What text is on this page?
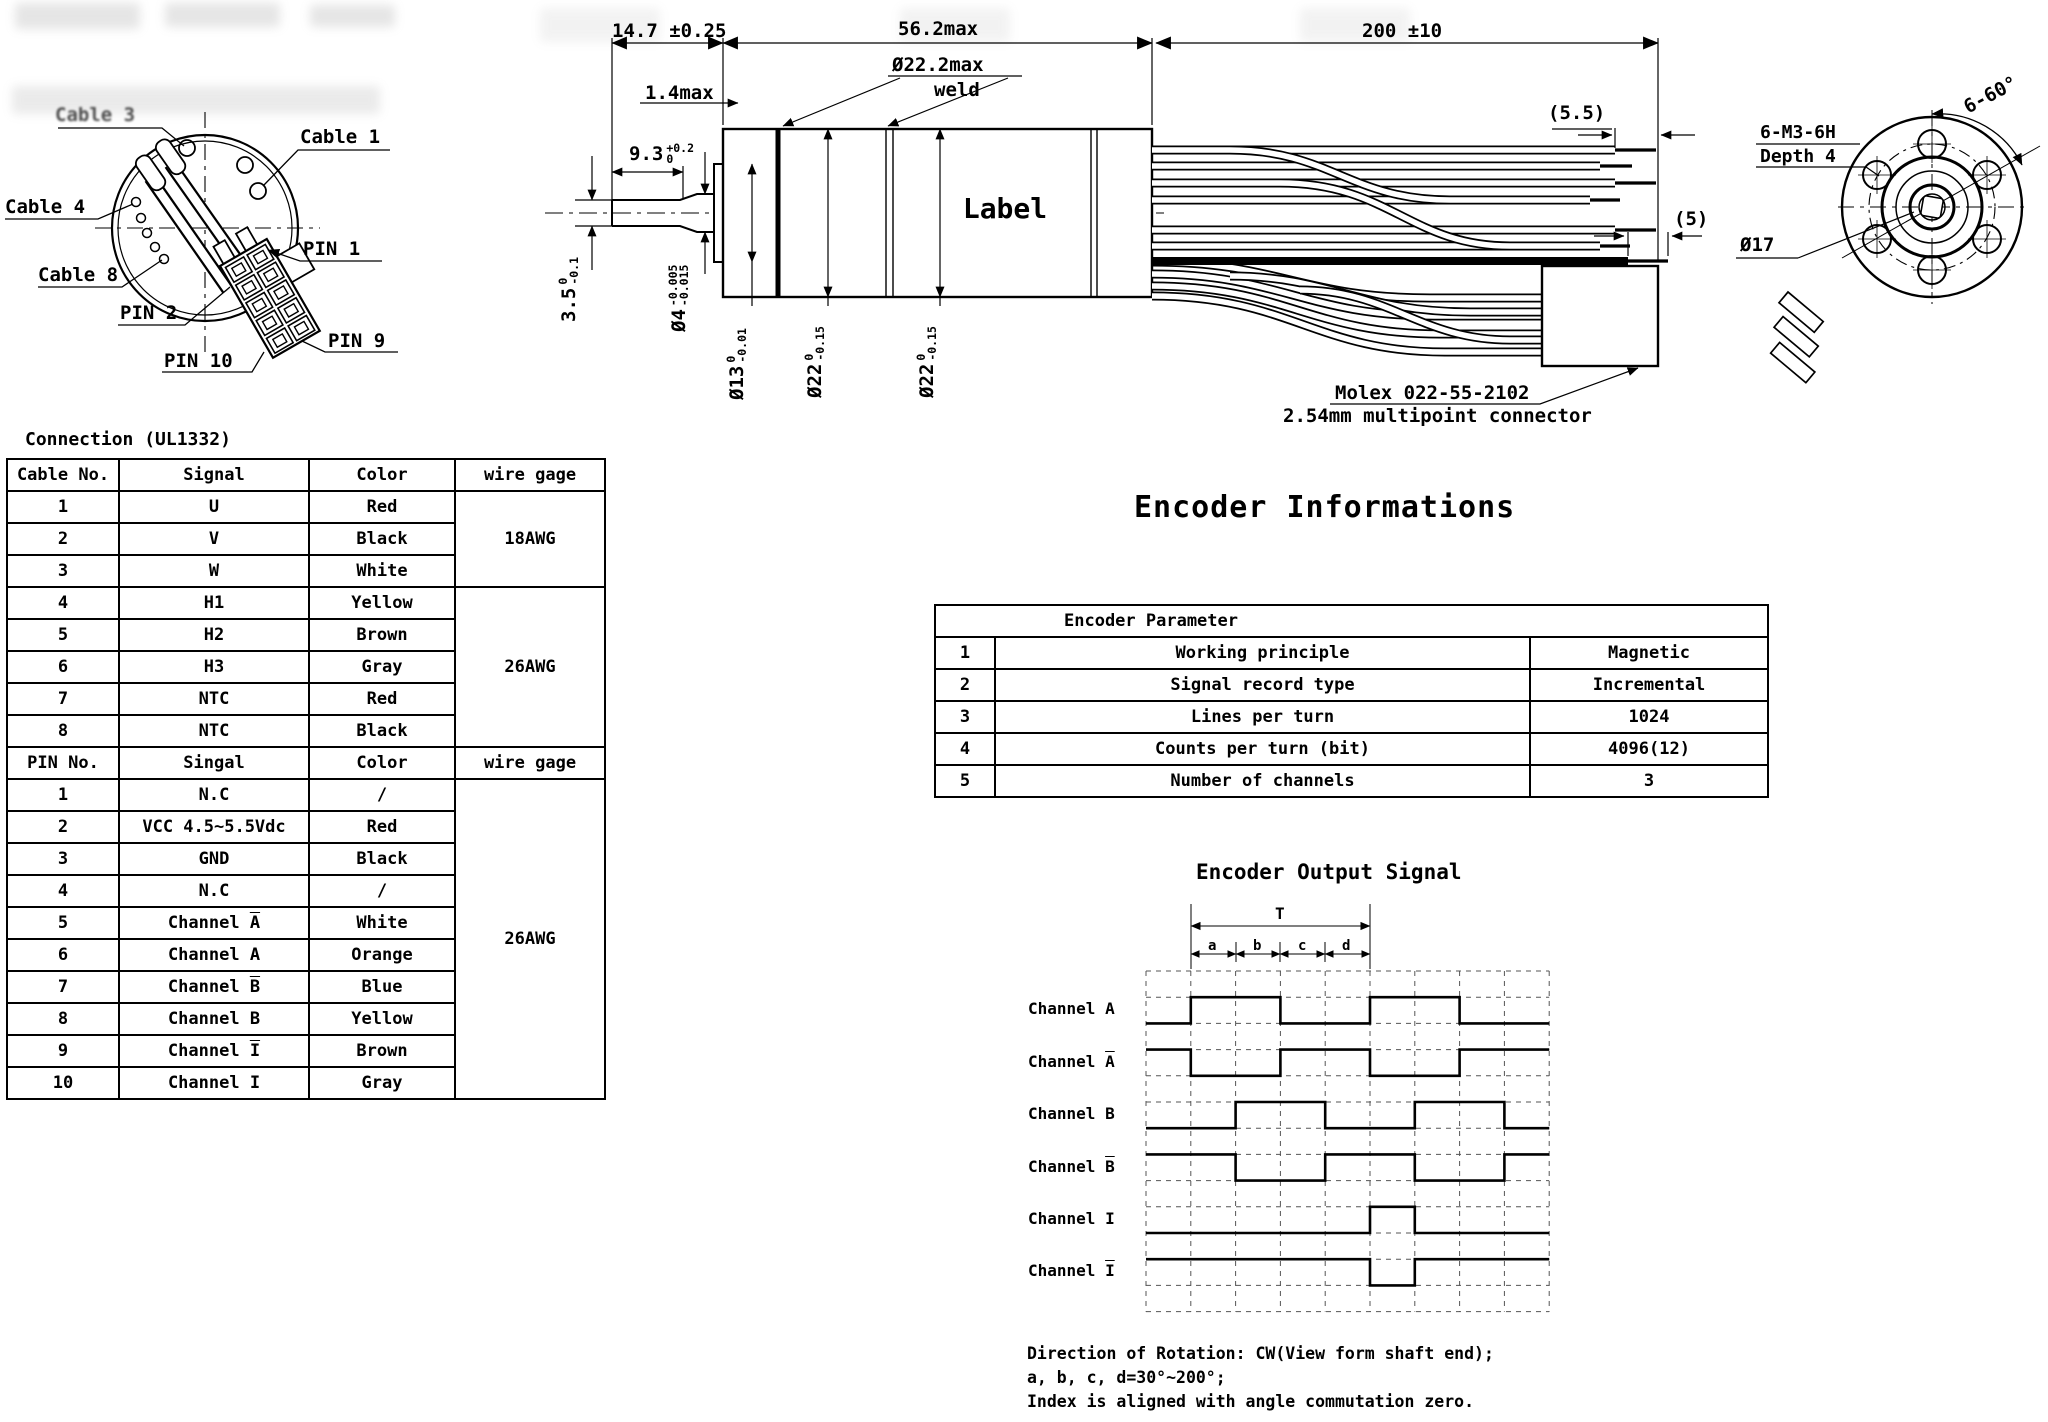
T
a	b	c	d
Cable 3
Cable 1
Cable 4
Cable 8
PIN 1
PIN 2
PIN 10
PIN 9
14.7 ±0.25	56.2max	200 ±10
Ø22.2max
weld
1.4max
9.3 +0.2
0
3.5
0
-0.1
Ø4
-0.005
-0.015
Ø13
0
-0.01
Ø22
0
-0.15
Ø22
0
-0.15
Label
(5.5)
(5)
Molex 022-55-2102
2.54mm multipoint connector
6-M3-6H
Depth 4
6-60°
Ø17
Connection (UL1332)
Cable No.	Signal	Color	wire gage
1	U	Red	18AWG
2	V	Black	
3	W	White	
4	H1	Yellow	26AWG
5	H2	Brown	
6	H3	Gray	
7	NTC	Red	
8	NTC	Black	
PIN No.	Singal	Color	wire gage
1	N.C	/	26AWG
2	VCC 4.5~5.5Vdc	Red	
3	GND	Black	
4	N.C	/	
5	Channel $\overline{A}$	White	
6	Channel A	Orange	
7	Channel $\overline{B}$	Blue	
8	Channel B	Yellow	
9	Channel $\overline{I}$	Brown	
10	Channel I	Gray	
Encoder Informations
Encoder Parameter		
1	Working principle	Magnetic
2	Signal record type	Incremental
3	Lines per turn	1024
4	Counts per turn (bit)	4096(12)
5	Number of channels	3
Encoder Output Signal
Channel A
Channel $\overline{A}$
Channel B
Channel $\overline{B}$
Channel I
Channel $\overline{I}$
Direction of Rotation: CW(View form shaft end);
a, b, c, d=30°~200°;
Index is aligned with angle commutation zero.
